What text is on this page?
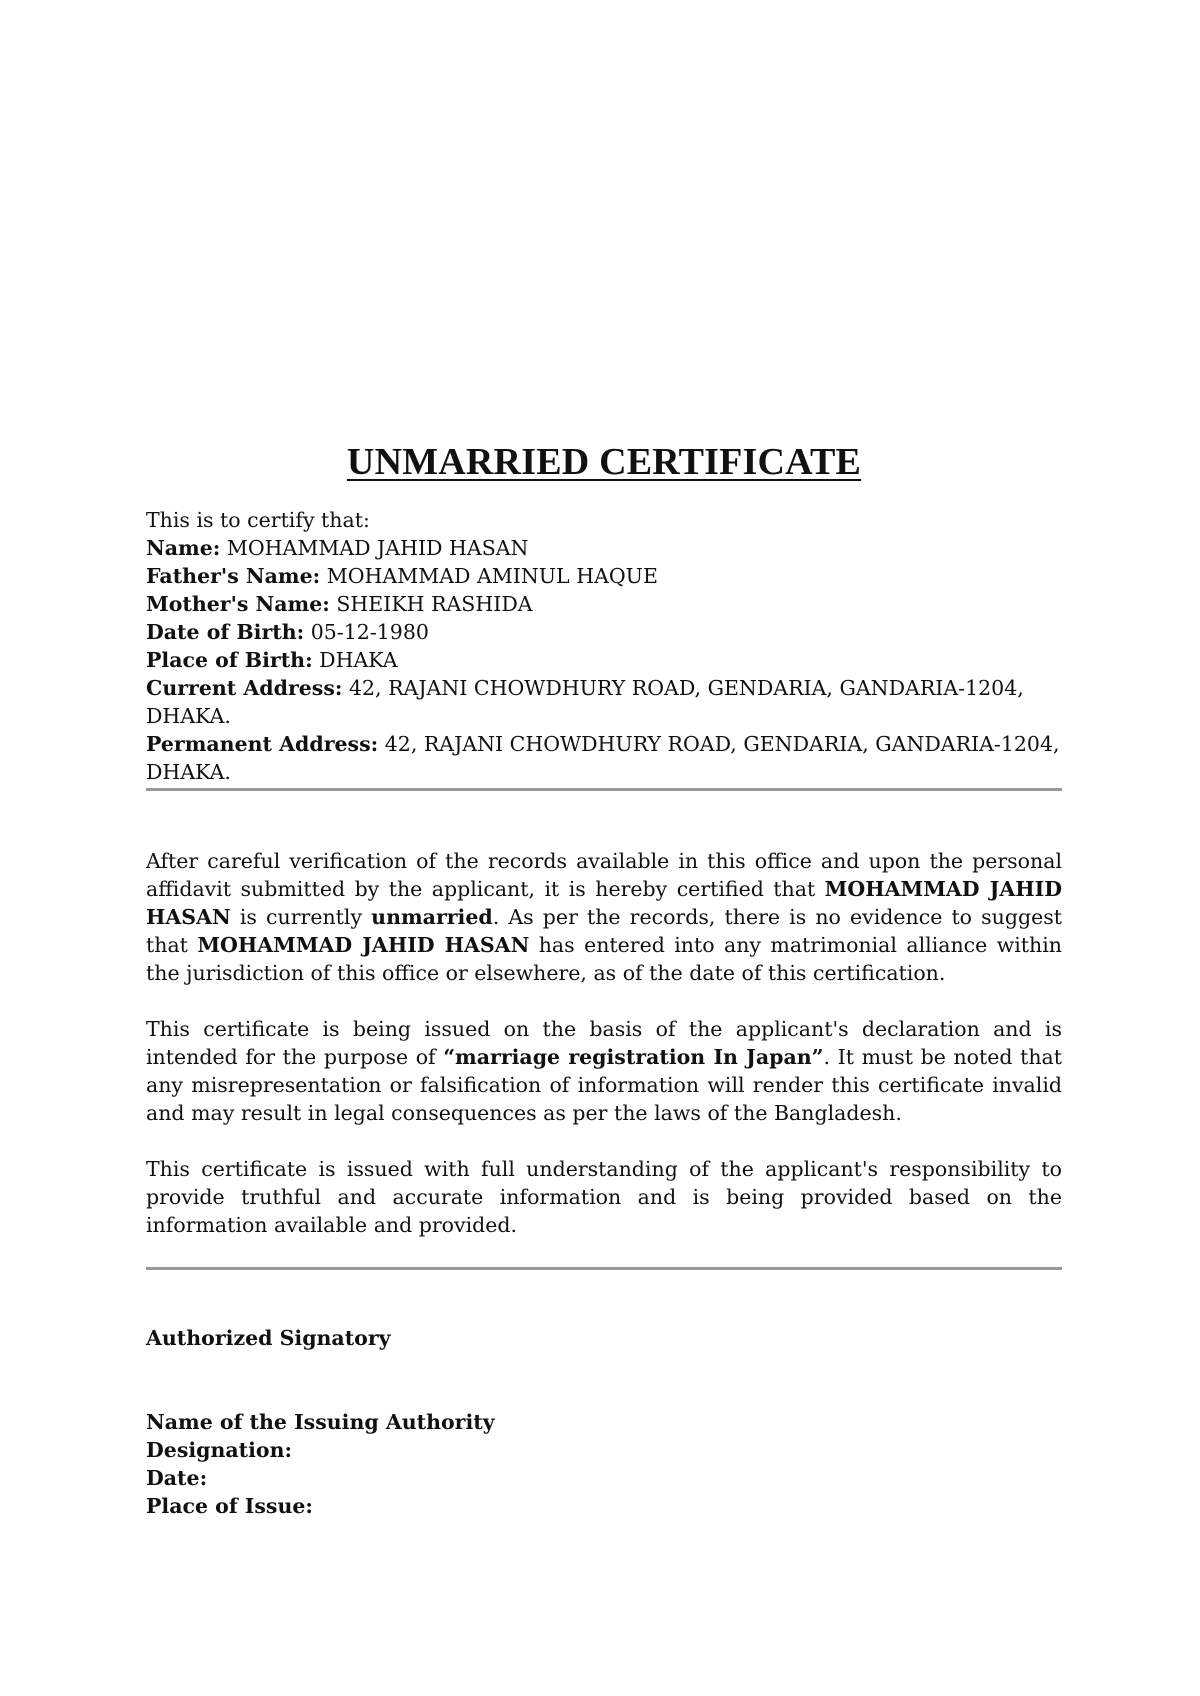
UNMARRIED CERTIFICATE

This is to certify that:

Name: MOHAMMAD JAHID HASAN

Father's Name: MOHAMMAD AMINUL HAQUE

Mother's Name: SHEIKH RASHIDA

Date of Birth: 05-12-1980

Place of Birth: DHAKA

Current Address: 42, RAJANI CHOWDHURY ROAD, GENDARIA, GANDARIA-1204, DHAKA.

Permanent Address: 42, RAJANI CHOWDHURY ROAD, GENDARIA, GANDARIA-1204, DHAKA.

After careful verification of the records available in this office and upon the personal affidavit submitted by the applicant, it is hereby certified that MOHAMMAD JAHID HASAN is currently unmarried. As per the records, there is no evidence to suggest that MOHAMMAD JAHID HASAN has entered into any matrimonial alliance within the jurisdiction of this office or elsewhere, as of the date of this certification.

This certificate is being issued on the basis of the applicant's declaration and is intended for the purpose of “marriage registration In Japan”. It must be noted that any misrepresentation or falsification of information will render this certificate invalid and may result in legal consequences as per the laws of the Bangladesh.

This certificate is issued with full understanding of the applicant's responsibility to provide truthful and accurate information and is being provided based on the information available and provided.

Authorized Signatory

Name of the Issuing Authority

Designation:

Date:

Place of Issue:
